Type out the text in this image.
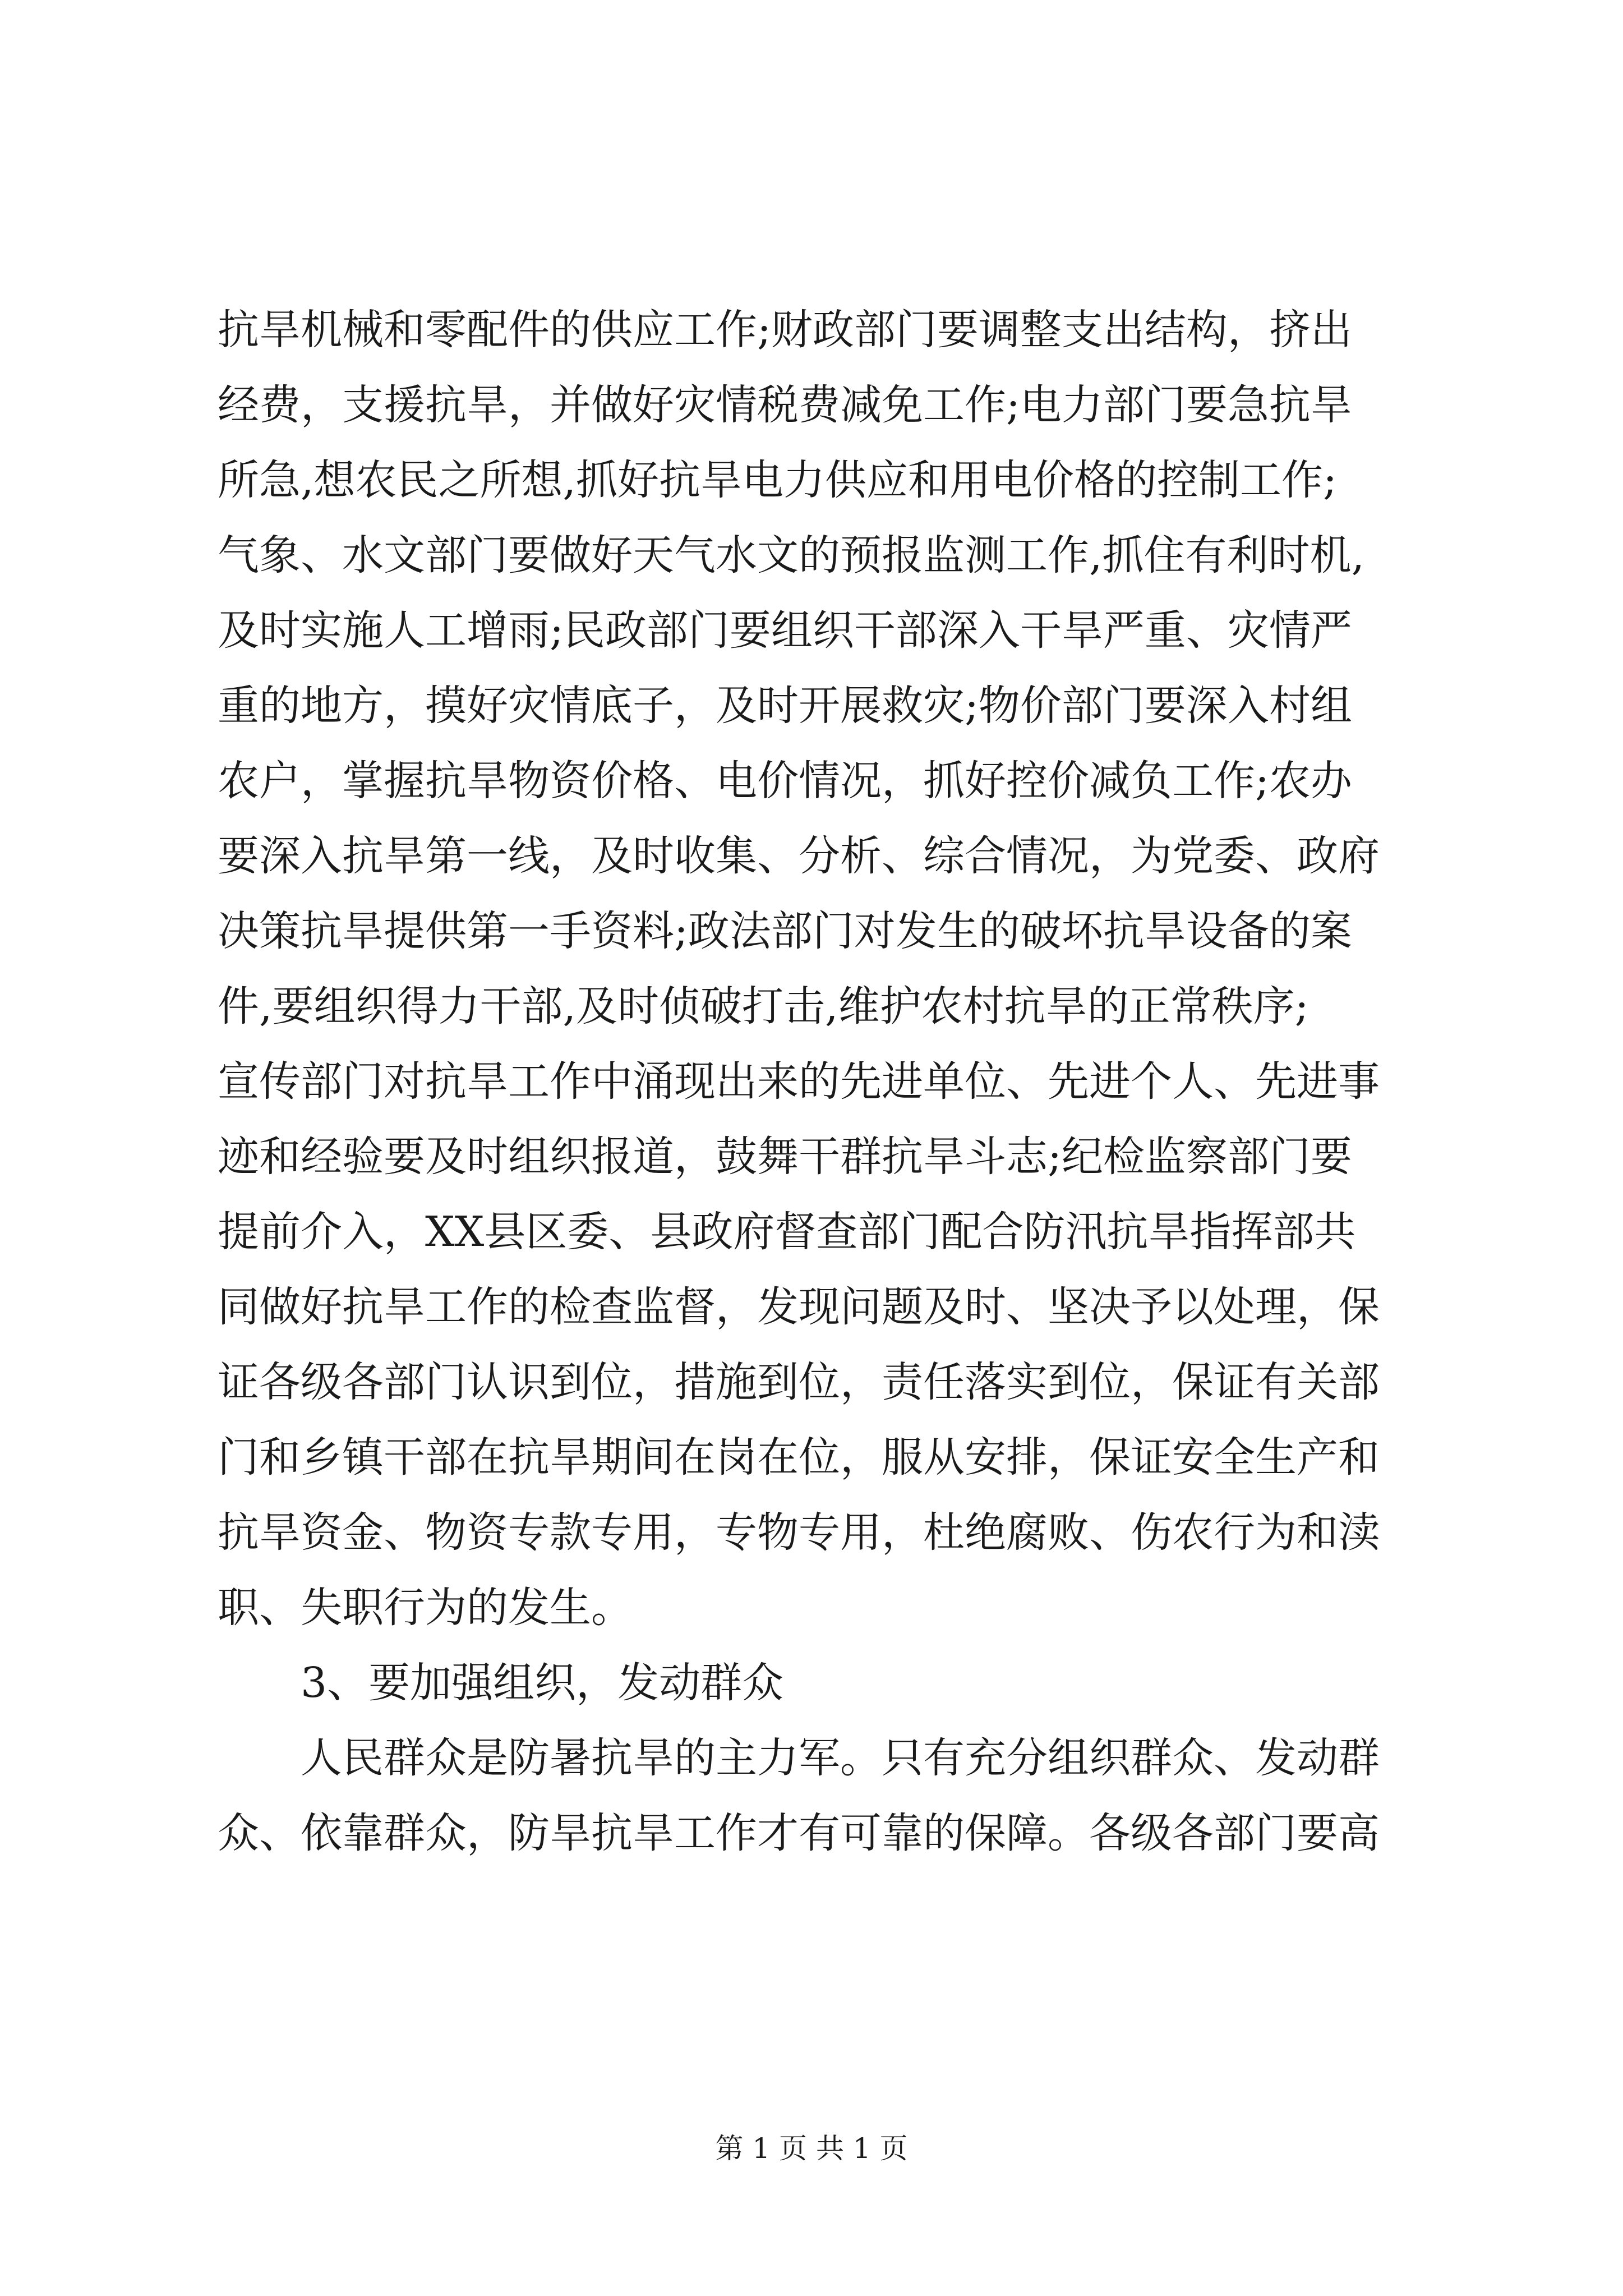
抗旱机械和零配件的供应工作;财政部门要调整支出结构，挤出
经费，支援抗旱，并做好灾情税费减免工作;电力部门要急抗旱
所急,想农民之所想,抓好抗旱电力供应和用电价格的控制工作;
气象、水文部门要做好天气水文的预报监测工作,抓住有利时机,
及时实施人工增雨;民政部门要组织干部深入干旱严重、灾情严
重的地方，摸好灾情底子，及时开展救灾;物价部门要深入村组
农户，掌握抗旱物资价格、电价情况，抓好控价减负工作;农办
要深入抗旱第一线，及时收集、分析、综合情况，为党委、政府
决策抗旱提供第一手资料;政法部门对发生的破坏抗旱设备的案
件,要组织得力干部,及时侦破打击,维护农村抗旱的正常秩序;
宣传部门对抗旱工作中涌现出来的先进单位、先进个人、先进事
迹和经验要及时组织报道，鼓舞干群抗旱斗志;纪检监察部门要
提前介入，XX县区委、县政府督查部门配合防汛抗旱指挥部共
同做好抗旱工作的检查监督，发现问题及时、坚决予以处理，保
证各级各部门认识到位，措施到位，责任落实到位，保证有关部
门和乡镇干部在抗旱期间在岗在位，服从安排，保证安全生产和
抗旱资金、物资专款专用，专物专用，杜绝腐败、伤农行为和渎
职、失职行为的发生。
3、要加强组织，发动群众
人民群众是防暑抗旱的主力军。只有充分组织群众、发动群
众、依靠群众，防旱抗旱工作才有可靠的保障。各级各部门要高
第 1 页 共 1 页
